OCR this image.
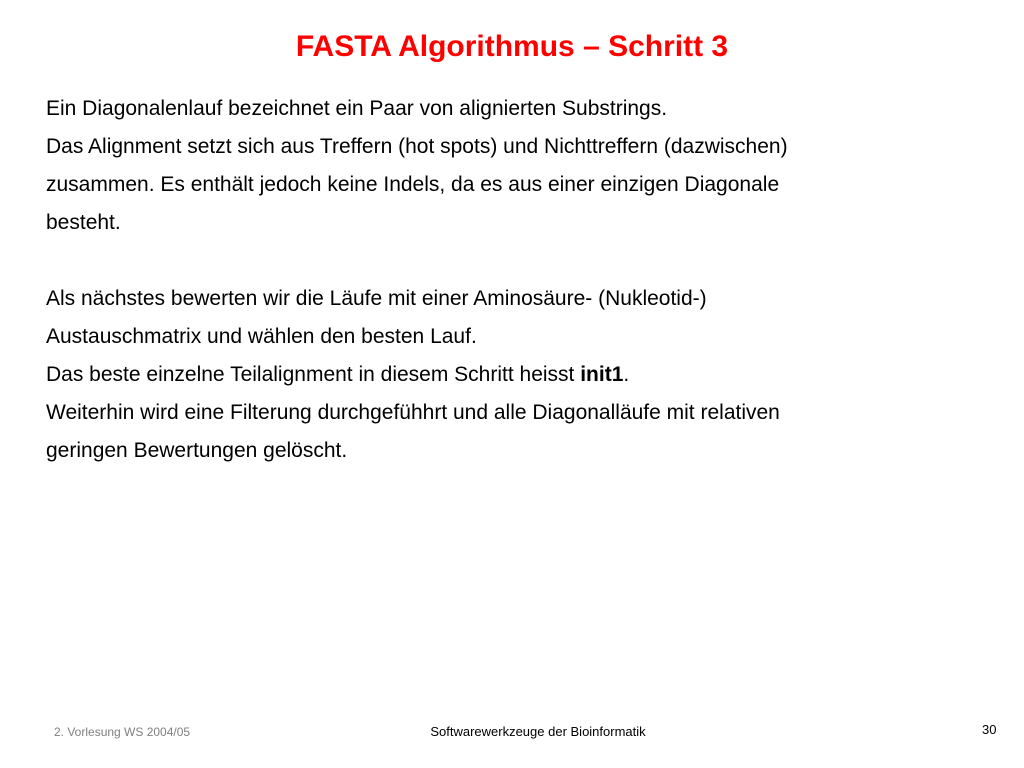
FASTA Algorithmus – Schritt 3
Ein Diagonalenlauf bezeichnet ein Paar von alignierten Substrings.
Das Alignment setzt sich aus Treffern (hot spots) und Nichttreffern (dazwischen)
zusammen. Es enthält jedoch keine Indels, da es aus einer einzigen Diagonale
besteht.
Als nächstes bewerten wir die Läufe mit einer Aminosäure- (Nukleotid-)
Austauschmatrix und wählen den besten Lauf.
Das beste einzelne Teilalignment in diesem Schritt heisst init1.
Weiterhin wird eine Filterung durchgefühhrt und alle Diagonalläufe mit relativen
geringen Bewertungen gelöscht.
2. Vorlesung WS 2004/05	Softwarewerkzeuge der Bioinformatik	30
